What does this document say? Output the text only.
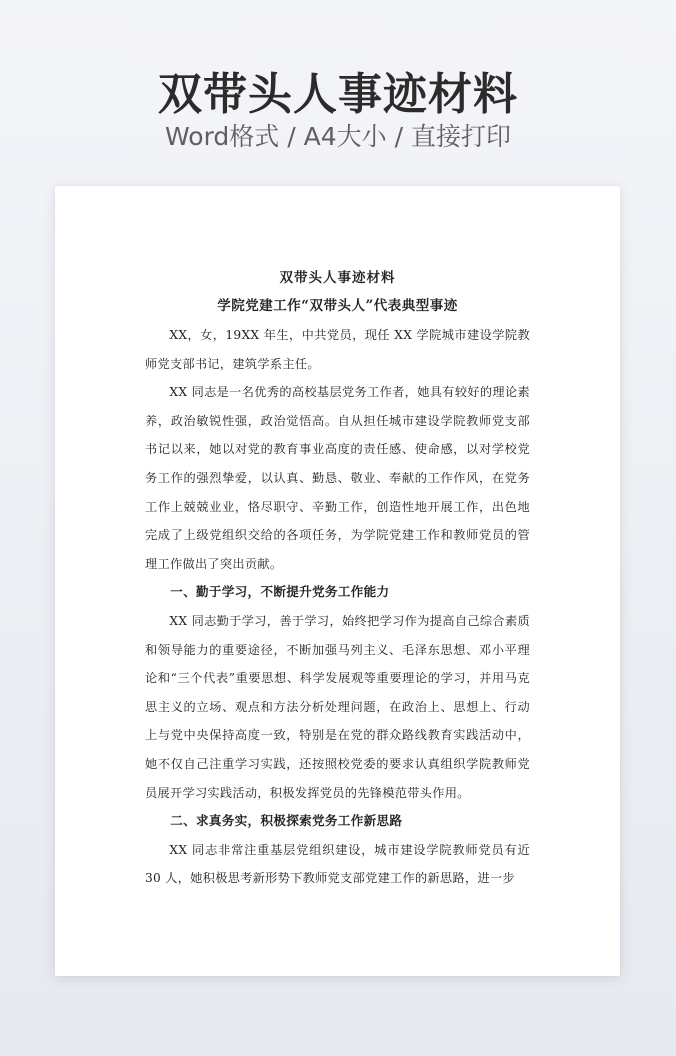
双带头人事迹材料
Word格式 / A4大小 / 直接打印

双带头人事迹材料

学院党建工作“双带头人”代表典型事迹

XX，女，19XX 年生，中共党员，现任 XX 学院城市建设学院教师党支部书记，建筑学系主任。

XX 同志是一名优秀的高校基层党务工作者，她具有较好的理论素养，政治敏锐性强，政治觉悟高。自从担任城市建设学院教师党支部书记以来，她以对党的教育事业高度的责任感、使命感，以对学校党务工作的强烈挚爱，以认真、勤恳、敬业、奉献的工作作风，在党务工作上兢兢业业，恪尽职守、辛勤工作，创造性地开展工作，出色地完成了上级党组织交给的各项任务，为学院党建工作和教师党员的管理工作做出了突出贡献。

一、勤于学习，不断提升党务工作能力

XX 同志勤于学习，善于学习，始终把学习作为提高自己综合素质和领导能力的重要途径，不断加强马列主义、毛泽东思想、邓小平理论和“三个代表”重要思想、科学发展观等重要理论的学习，并用马克思主义的立场、观点和方法分析处理问题，在政治上、思想上、行动上与党中央保持高度一致，特别是在党的群众路线教育实践活动中，她不仅自己注重学习实践，还按照校党委的要求认真组织学院教师党员展开学习实践活动，积极发挥党员的先锋模范带头作用。

二、求真务实，积极探索党务工作新思路

XX 同志非常注重基层党组织建设，城市建设学院教师党员有近 30 人，她积极思考新形势下教师党支部党建工作的新思路，进一步
